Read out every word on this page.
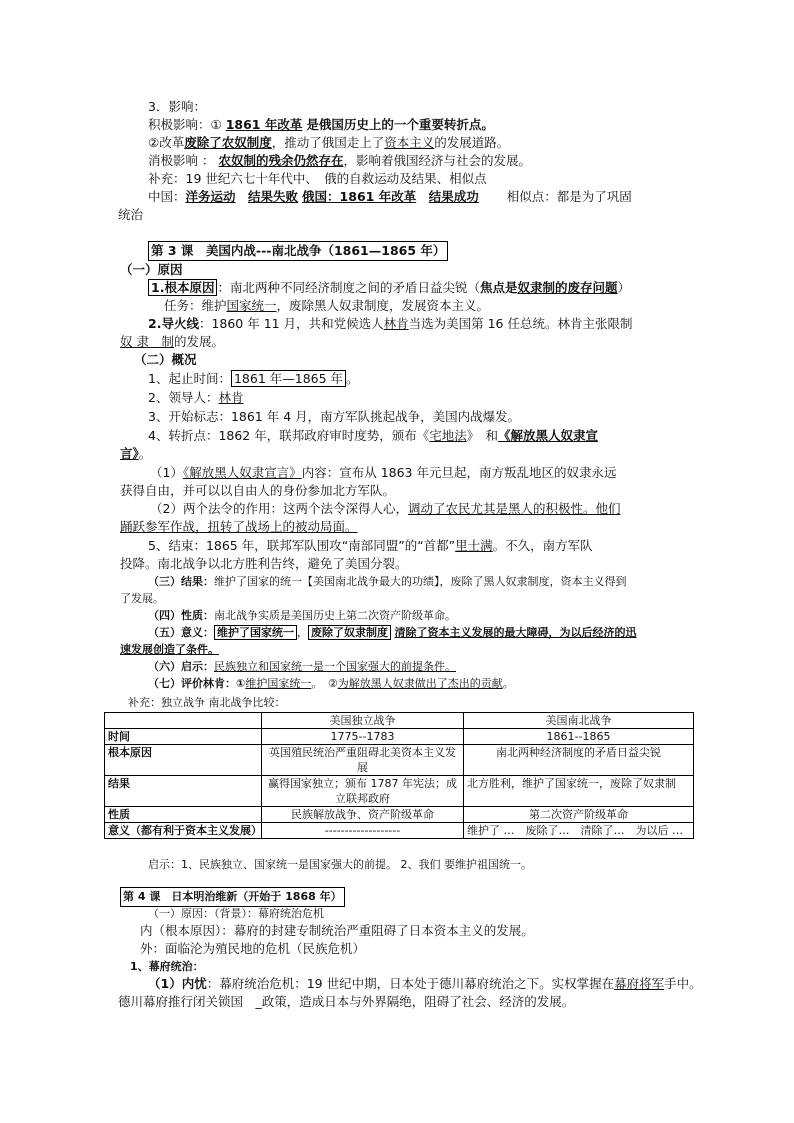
3．影响：
积极影响：① 1861 年改革 是俄国历史上的一个重要转折点。
②改革废除了农奴制度，推动了俄国走上了资本主义的发展道路。
消极影响 ： 农奴制的残余仍然存在，影响着俄国经济与社会的发展。
补充：19 世纪六七十年代中、　俄的自救运动及结果、相似点
中国：洋务运动　 结果失败 俄国：1861 年改革　 结果成功 相似点：都是为了巩固
统治
第 3 课　美国内战---南北战争（1861—1865 年）
（一）原因
1.根本原因 ：南北两种不同经济制度之间的矛盾日益尖锐（焦点是奴隶制的废存问题）
任务：维护国家统一，废除黑人奴隶制度，发展资本主义。
2.导火线：1860 年 11 月，共和党候选人林肯当选为美国第 16 任总统。林肯主张限制
奴 隶　制的发展。
（二）概况
1、起止时间： 1861 年—1865 年 。
2、领导人：林肯
3、开始标志：1861 年 4 月，南方军队挑起战争，美国内战爆发。
4、转折点：1862 年，联邦政府审时度势，颁布《宅地法》　和《解放黑人奴隶宣
言》。
（1）《解放黑人奴隶宣言》内容：宣布从 1863 年元旦起，南方叛乱地区的奴隶永远
获得自由，并可以以自由人的身份参加北方军队。
（2）两个法令的作用：这两个法令深得人心，调动了农民尤其是黑人的积极性。他们
踊跃参军作战，扭转了战场上的被动局面。
5、结束：1865 年，联邦军队围攻“南部同盟”的“首都”里士满。不久，南方军队
投降。南北战争以北方胜利告终，避免了美国分裂。
（三）结果：维护了国家的统一【美国南北战争最大的功绩】，废除了黑人奴隶制度，资本主义得到
了发展。
（四）性质：南北战争实质是美国历史上第二次资产阶级革命。
（五）意义： 维护了国家统一 ， 废除了奴隶制度 清除了资本主义发展的最大障碍，为以后经济的迅
速发展创造了条件。
（六）启示：民族独立和国家统一是一个国家强大的前提条件。
（七）评价林肯：①维护国家统一。　②为解放黑人奴隶做出了杰出的贡献。
补充：独立战争 南北战争比较：
	美国独立战争	美国南北战争
时间	1775--1783	1861--1865
根本原因	英国殖民统治严重阻碍北美资本主义发展	南北两种经济制度的矛盾日益尖锐
结果	赢得国家独立；颁布 1787 年宪法；成立联邦政府	北方胜利，维护了国家统一，废除了奴隶制
性质	民族解放战争、资产阶级革命	第二次资产阶级革命
意义（都有利于资本主义发展）	-------------------	维护了 …　废除了…　清除了…　为以后 …
启示：1、民族独立、国家统一是国家强大的前提。 2、我们 要维护祖国统一。
第 4 课　日本明治维新（开始于 1868 年）
（一）原因：（背景）：幕府统治危机
内（根本原因）：幕府的封建专制统治严重阻碍了日本资本主义的发展。
外：面临沦为殖民地的危机（民族危机）
1、幕府统治：
（1）内忧：幕府统治危机：19 世纪中期，日本处于德川幕府统治之下。实权掌握在幕府将军手中。
德川幕府推行闭关锁国　_政策，造成日本与外界隔绝，阻碍了社会、经济的发展。
